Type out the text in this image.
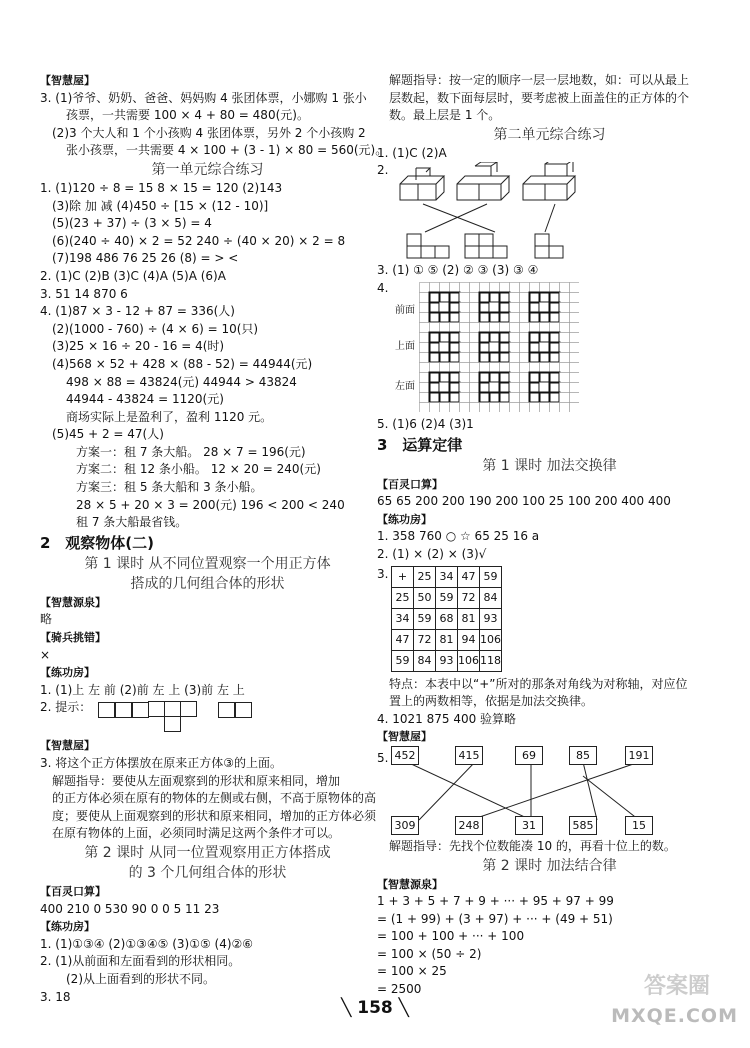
【智慧屋】
3. (1)爷爷、奶奶、爸爸、妈妈购 4 张团体票，小娜购 1 张小
孩票，一共需要 100 × 4 + 80 = 480(元)。
(2)3 个大人和 1 个小孩购 4 张团体票，另外 2 个小孩购 2
张小孩票，一共需要 4 × 100 + (3 - 1) × 80 = 560(元)。
第一单元综合练习
1. (1)120 ÷ 8 = 15 8 × 15 = 120 (2)143
(3)除 加 减 (4)450 ÷ [15 × (12 - 10)]
(5)(23 + 37) ÷ (3 × 5) = 4
(6)(240 ÷ 40) × 2 = 52 240 ÷ (40 × 20) × 2 = 8
(7)198 486 76 25 26 (8) = > <
2. (1)C (2)B (3)C (4)A (5)A (6)A
3. 51 14 870 6
4. (1)87 × 3 - 12 + 87 = 336(人)
(2)(1000 - 760) ÷ (4 × 6) = 10(只)
(3)25 × 16 ÷ 20 - 16 = 4(时)
(4)568 × 52 + 428 × (88 - 52) = 44944(元)
498 × 88 = 43824(元) 44944 > 43824
44944 - 43824 = 1120(元)
商场实际上是盈利了，盈利 1120 元。
(5)45 + 2 = 47(人)
方案一：租 7 条大船。 28 × 7 = 196(元)
方案二：租 12 条小船。 12 × 20 = 240(元)
方案三：租 5 条大船和 3 条小船。
28 × 5 + 20 × 3 = 200(元) 196 < 200 < 240
租 7 条大船最省钱。
2 观察物体(二)
第 1 课时 从不同位置观察一个用正方体
搭成的几何组合体的形状
【智慧源泉】
略
【骑兵挑错】
×
【练功房】
1. (1)上 左 前 (2)前 左 上 (3)前 左 上
2. 提示：
【智慧屋】
3. 将这个正方体摆放在原来正方体③的上面。
解题指导：要使从左面观察到的形状和原来相同，增加
的正方体必须在原有的物体的左侧或右侧，不高于原物体的高
度；要使从上面观察到的形状和原来相同，增加的正方体必须
在原有物体的上面，必须同时满足这两个条件才可以。
第 2 课时 从同一位置观察用正方体搭成
的 3 个几何组合体的形状
【百灵口算】
400 210 0 530 90 0 0 5 11 23
【练功房】
1. (1)①③④ (2)①③④⑤ (3)①⑤ (4)②⑥
2. (1)从前面和左面看到的形状相同。
(2)从上面看到的形状不同。
3. 18
解题指导：按一定的顺序一层一层地数，如：可以从最上
层数起，数下面每层时，要考虑被上面盖住的正方体的个
数。最上层是 1 个。
第二单元综合练习
1. (1)C (2)A
2.
3. (1) ① ⑤ (2) ② ③ (3) ③ ④
4.
前面
上面
左面
5. (1)6 (2)4 (3)1
3 运算定律
第 1 课时 加法交换律
【百灵口算】
65 65 200 200 190 200 100 25 100 200 400 400
【练功房】
1. 358 760 ○ ☆ 65 25 16 a
2. (1) × (2) × (3)√
3. +	25	34	47	59
25	50	59	72	84
34	59	68	81	93
47	72	81	94	106
59	84	93	106	118
特点：本表中以“+”所对的那条对角线为对称轴，对应位
置上的两数相等，依据是加法交换律。
4. 1021 875 400 验算略
【智慧屋】
5. 452	415	69	85	191
309	248	31	585	15
解题指导：先找个位数能凑 10 的，再看十位上的数。
第 2 课时 加法结合律
【智慧源泉】
1 + 3 + 5 + 7 + 9 + ··· + 95 + 97 + 99
= (1 + 99) + (3 + 97) + ··· + (49 + 51)
= 100 + 100 + ··· + 100
= 100 × (50 ÷ 2)
= 100 × 25
= 2500
╲ 158 ╲
答案圈
MXQE.COM
